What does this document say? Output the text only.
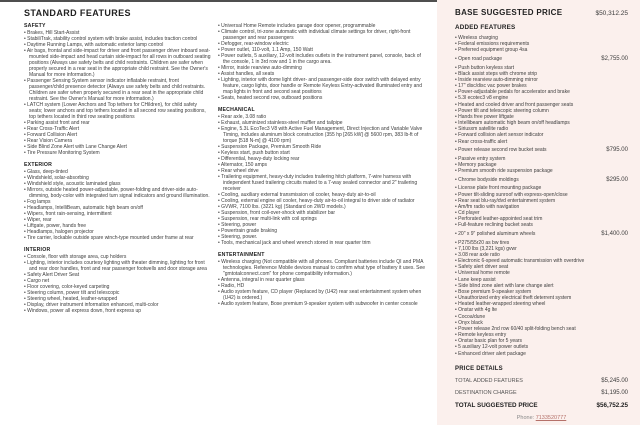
STANDARD FEATURES
SAFETY
• Brakes, Hill Start-Assist
• StabiliTrak, stability control system with brake assist, includes traction control
• Daytime Running Lamps, with automatic exterior lamp control
• Air bags, frontal and side-impact for driver and front passenger driver inboard seat-mounted side-impact and head curtain side-impact for all rows in outboard seating positions (Always use safety belts and child restraints. Children are safer when properly secured in a rear seat in the appropriate child restraint. See the Owner's Manual for more information.)
• Passenger Sensing System sensor indicator inflatable restraint, front passenger/child presence detector (Always use safety belts and child restraints. Children are safer when properly secured in a rear seat in the appropriate child restraint. See the Owner's Manual for more information.)
• LATCH system (Lower Anchors and Top tethers for CHildren), for child safety seats; lower anchors and top tethers located in all second row seating positions, top tethers located in third row seating positions
• Parking assist front and rear
• Rear Cross-Traffic Alert
• Forward Collision Alert
• Rear Vision Camera
• Side Blind Zone Alert with Lane Change Alert
• Tire Pressure Monitoring System
EXTERIOR
• Glass, deep-tinted
• Windshield, solar-absorbing
• Windshield style, acoustic laminated glass
• Mirrors, outside heated power-adjustable, power-folding and driver-side auto-dimming, body-color with integrated turn signal indicators and ground illumination.
• Fog lamps
• Headlamps, IntelliBeam, automatic high beam on/off
• Wipers, front rain-sensing, intermittent
• Wiper, rear
• Liftgate, power, hands free
• Headlamps, halogen projector
• Tire carrier, lockable outside spare winch-type mounted under frame at rear
INTERIOR
• Console, floor with storage area, cup holders
• Lighting, interior includes courtesy lighting with theater dimming, lighting for front and rear door handles, front and rear passenger footwells and door storage area
• Safety Alert Driver Seat
• Cargo net
• Floor covering, color-keyed carpeting
• Steering column, power tilt and telescopic
• Steering wheel, heated, leather-wrapped
• Display, driver instrument information enhanced, multi-color
• Windows, power all express down, front express up
• Universal Home Remote includes garage door opener, programmable
• Climate control, tri-zone automatic with individual climate settings for driver, right-front passenger and rear passengers
• Defogger, rear-window electric
• Power outlet, 110-volt, 1.1 Amp, 150 Watt
• Power outlets, 5 auxiliary, 12-volt includes outlets in the instrument panel, console, back of the console, 1 in 3rd row and 1 in the cargo area.
• Mirror, inside rearview auto-dimming
• Assist handles, all seats
• Lighting, interior with dome light driver- and passenger-side door switch with delayed entry feature, cargo lights, door handle or Remote Keyless Entry-activated illuminated entry and map lights in front and second seat positions
• Seats, heated second row, outboard positions
MECHANICAL
• Rear axle, 3.08 ratio
• Exhaust, aluminized stainless-steel muffler and tailpipe
• Engine, 5.3L EcoTec3 V8 with Active Fuel Management, Direct Injection and Variable Valve Timing, includes aluminum block construction (355 hp [265 kW] @ 5600 rpm, 383 lb-ft of torque [518 N-m] @ 4100 rpm)
• Suspension Package, Premium Smooth Ride
• Keyless start, push button start
• Differential, heavy-duty locking rear
• Alternator, 150 amps
• Rear wheel drive
• Trailering equipment, heavy-duty includes trailering hitch platform, 7-wire harness with independent fused trailering circuits mated to a 7-way sealed connector and 2" trailering receiver
• Cooling, auxiliary external transmission oil cooler, heavy-duty air-to-oil
• Cooling, external engine oil cooler, heavy-duty air-to-oil integral to driver side of radiator
• GVWR, 7100 lbs. (3221 kg) (Standard on 2WD models.)
• Suspension, front coil-over-shock with stabilizer bar
• Suspension, rear multi-link with coil springs
• Steering, power
• Powertrain grade braking
• Steering, power.
• Tools, mechanical jack and wheel wrench stored in rear quarter trim
ENTERTAINMENT
• Wireless charging (Not compatible with all phones. Compliant batteries include QI and PMA technologies. Reference Mobile devices manual to confirm what type of battery it uses. See "gmtotalconnect.com" for phone compatibility information.)
• Antenna, integral in rear quarter glass
• Radio, HD
• Audio system feature, CD player (Replaced by (U42) rear seat entertainment system when (U42) is ordered.)
• Audio system feature, Bose premium 9-speaker system with subwoofer in center console
BASE SUGGESTED PRICE	$50,312.25
ADDED FEATURES
• Wireless charging
• Federal emissions requirements
• Preferred equipment group 4sa
• Open road package	$2,755.00
• Push button keyless start
• Black assist steps with chrome strip
• Inside rearview auto-dimming mirror
• 17" disc/disc vac power brakes
• Power-adjustable pedals for accelerator and brake
• 5.3l ecotec3 v8 engine
• Heated and cooled driver and front passenger seats
• Power tilt and telescopic steering column
• Hands free power liftgate
• Intellibeam automatic high beam on/off headlamps
• Siriusxm satellite radio
• Forward collision alert sensor indicator
• Rear cross-traffic alert
• Power release second row bucket seats	$795.00
• Passive entry system
• Memory package
• Premium smooth ride suspension package
• Chrome bodyside moldings	$295.00
• License plate front mounting package
• Power tilt-sliding sunroof with express-open/close
• Rear seat blu-ray/dvd entertainment system
• Am/fm radio with navigation
• Cd player
• Perforated leather-appointed seat trim
• Full-feature reclining bucket seats
• 20" x 9" polished aluminum wheels	$1,400.00
• P275/55r20 as bw tires
• 7,100 lbs (3,221 kgs) gvwr
• 3.08 rear axle ratio
• Electronic 6-speed automatic transmission with overdrive
• Safety alert driver seat
• Universal home remote
• Lane keep assist
• Side blind zone alert with lane change alert
• Bose premium 9-speaker system
• Unauthorized entry electrical theft deterrent system
• Heated leather-wrapped steering wheel
• Onstar with 4g lte
• Cocoa/dune
• Onyx black
• Power release 2nd row 60/40 split-folding bench seat
• Remote keyless entry
• Onstar basic plan for 5 years
• 5 auxiliary 12-volt power outlets
• Enhanced driver alert package
PRICE DETAILS
TOTAL ADDED FEATURES	$5,245.00
DESTINATION CHARGE	$1,195.00
TOTAL SUGGESTED PRICE	$56,752.25
Phone: 7133520777
